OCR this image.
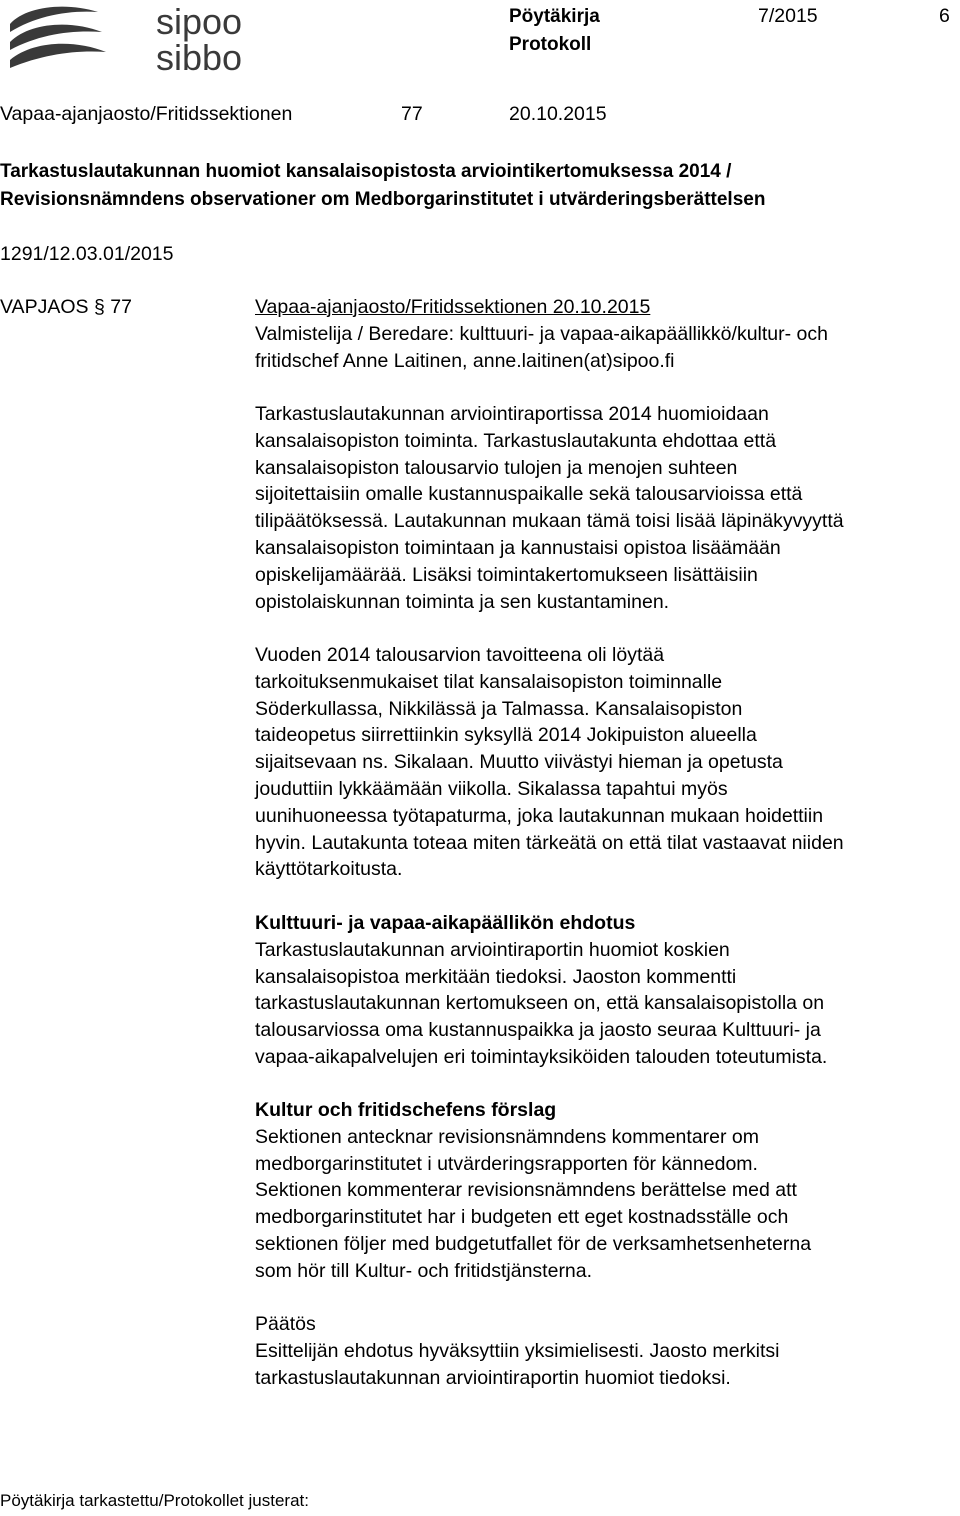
sipoo
sibbo
Pöytäkirja
Protokoll
7/2015	6
Vapaa-ajanjaosto/Fritidssektionen	77	20.10.2015

Tarkastuslautakunnan huomiot kansalaisopistosta arviointikertomuksessa 2014 /

Revisionsnämndens observationer om Medborgarinstitutet i utvärderingsberättelsen

1291/12.03.01/2015
VAPJAOS § 77	Vapaa-ajanjaosto/Fritidssektionen 20.10.2015

Valmistelija / Beredare: kulttuuri- ja vapaa-aikapäällikkö/kultur- och

fritidschef Anne Laitinen, anne.laitinen(at)sipoo.fi

Tarkastuslautakunnan arviointiraportissa 2014 huomioidaan

kansalaisopiston toiminta. Tarkastuslautakunta ehdottaa että

kansalaisopiston talousarvio tulojen ja menojen suhteen

sijoitettaisiin omalle kustannuspaikalle sekä talousarvioissa että

tilipäätöksessä. Lautakunnan mukaan tämä toisi lisää läpinäkyvyyttä

kansalaisopiston toimintaan ja kannustaisi opistoa lisäämään

opiskelijamäärää. Lisäksi toimintakertomukseen lisättäisiin

opistolaiskunnan toiminta ja sen kustantaminen.

Vuoden 2014 talousarvion tavoitteena oli löytää

tarkoituksenmukaiset tilat kansalaisopiston toiminnalle

Söderkullassa, Nikkilässä ja Talmassa. Kansalaisopiston

taideopetus siirrettiinkin syksyllä 2014 Jokipuiston alueella

sijaitsevaan ns. Sikalaan. Muutto viivästyi hieman ja opetusta

jouduttiin lykkäämään viikolla. Sikalassa tapahtui myös

uunihuoneessa työtapaturma, joka lautakunnan mukaan hoidettiin

hyvin. Lautakunta toteaa miten tärkeätä on että tilat vastaavat niiden

käyttötarkoitusta.

Kulttuuri- ja vapaa-aikapäällikön ehdotus

Tarkastuslautakunnan arviointiraportin huomiot koskien

kansalaisopistoa merkitään tiedoksi. Jaoston kommentti

tarkastuslautakunnan kertomukseen on, että kansalaisopistolla on

talousarviossa oma kustannuspaikka ja jaosto seuraa Kulttuuri- ja

vapaa-aikapalvelujen eri toimintayksiköiden talouden toteutumista.

Kultur och fritidschefens förslag

Sektionen antecknar revisionsnämndens kommentarer om

medborgarinstitutet i utvärderingsrapporten för kännedom.

Sektionen kommenterar revisionsnämndens berättelse med att

medborgarinstitutet har i budgeten ett eget kostnadsställe och

sektionen följer med budgetutfallet för de verksamhetsenheterna

som hör till Kultur- och fritidstjänsterna.

Päätös

Esittelijän ehdotus hyväksyttiin yksimielisesti. Jaosto merkitsi

tarkastuslautakunnan arviointiraportin huomiot tiedoksi.

Pöytäkirja tarkastettu/Protokollet justerat:
